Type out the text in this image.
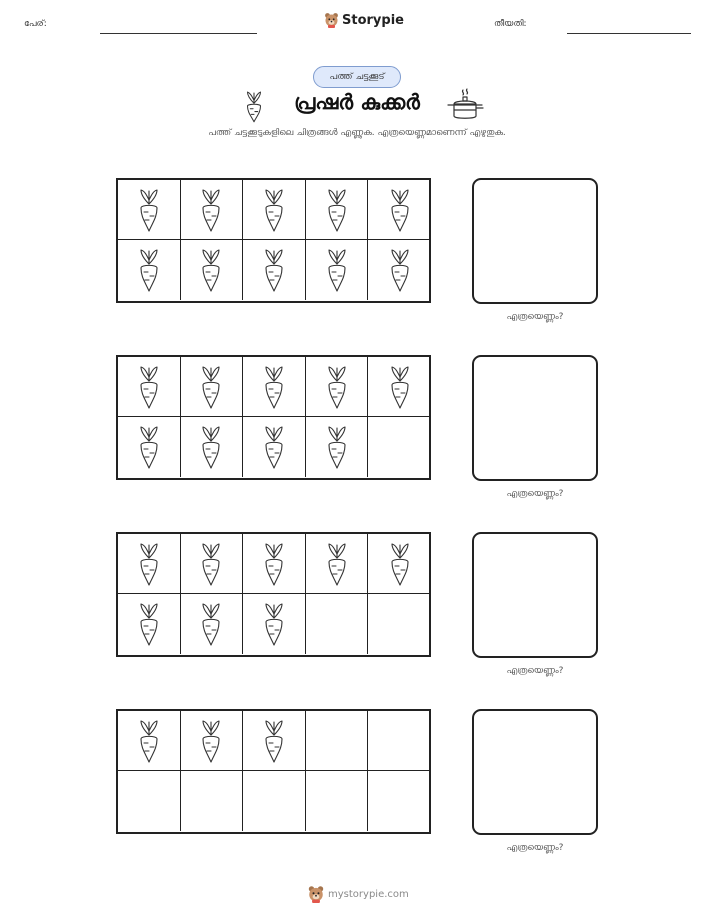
പേര്:	Storypie	തീയതി:
പത്ത് ചട്ടക്കൂട്
പ്രഷർ കുക്കർ
പത്ത് ചട്ടക്കൂടുകളിലെ ചിത്രങ്ങൾ എണ്ണുക. എത്രയെണ്ണമാണെന്ന് എഴുതുക.
എത്രയെണ്ണം?
എത്രയെണ്ണം?
എത്രയെണ്ണം?
എത്രയെണ്ണം?
mystorypie.com
